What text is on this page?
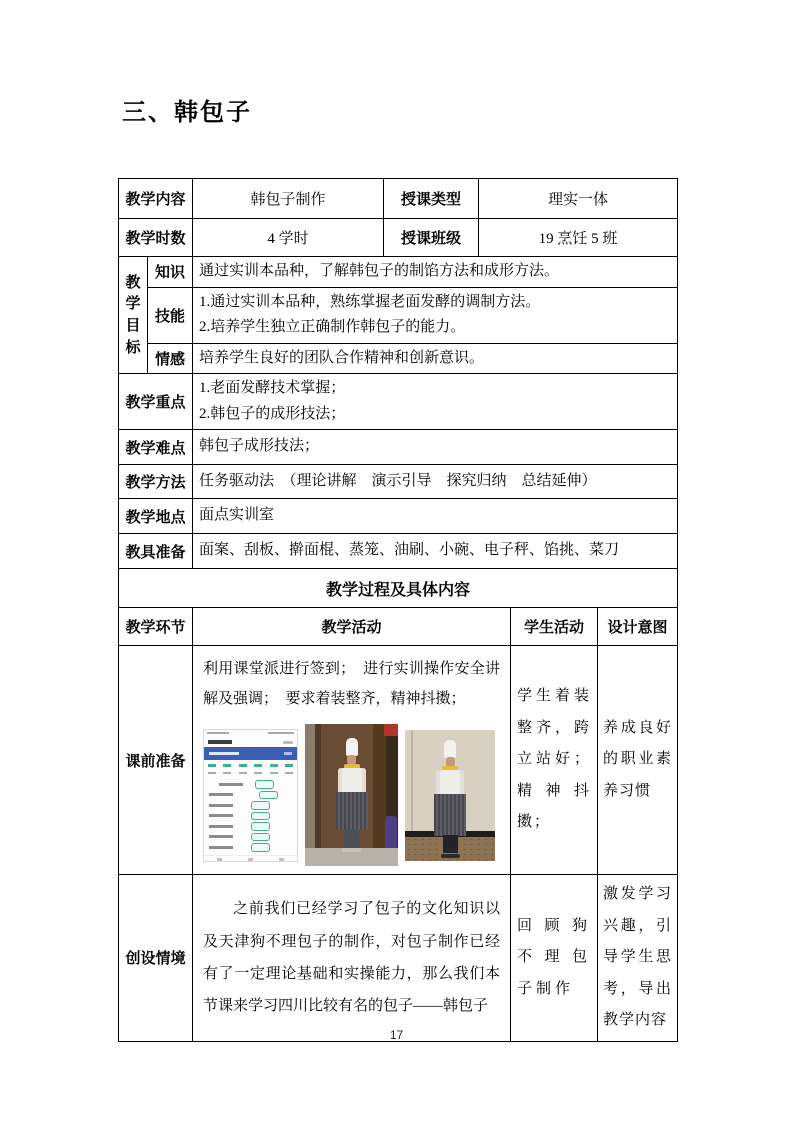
三、韩包子
教学内容		韩包子制作	授课类型	理实一体		
教学时数		4 学时	授课班级	19 烹饪 5 班		
教学目标	知识	通过实训本品种，了解韩包子的制馅方法和成形方法。				
	技能	1.通过实训本品种，熟练掌握老面发酵的调制方法。
2.培养学生独立正确制作韩包子的能力。				

	情感	培养学生良好的团队合作精神和创新意识。				
教学重点		1.老面发酵技术掌握；
2.韩包子的成形技法；				

教学难点		韩包子成形技法；				
教学方法		任务驱动法　（理论讲解　演示引导　探究归纳　总结延伸）				
教学地点		面点实训室				
教具准备		面案、刮板、擀面棍、蒸笼、油刷、小碗、电子秤、馅挑、菜刀				
教学过程及具体内容						
教学环节		教学活动			学生活动	设计意图
课前准备		利用课堂派进行签到；　进行实训操作安全讲解及强调；　要求着装整齐，精神抖擞；			学生着装整齐，跨立站好；精神抖擞；	养成良好的职业素养习惯
创设情境		之前我们已经学习了包子的文化知识以及天津狗不理包子的制作，对包子制作已经有了一定理论基础和实操能力，那么我们本节课来学习四川比较有名的包子——韩包子			回顾狗不理包子制作	激发学习兴趣，引导学生思考，导出教学内容
17
